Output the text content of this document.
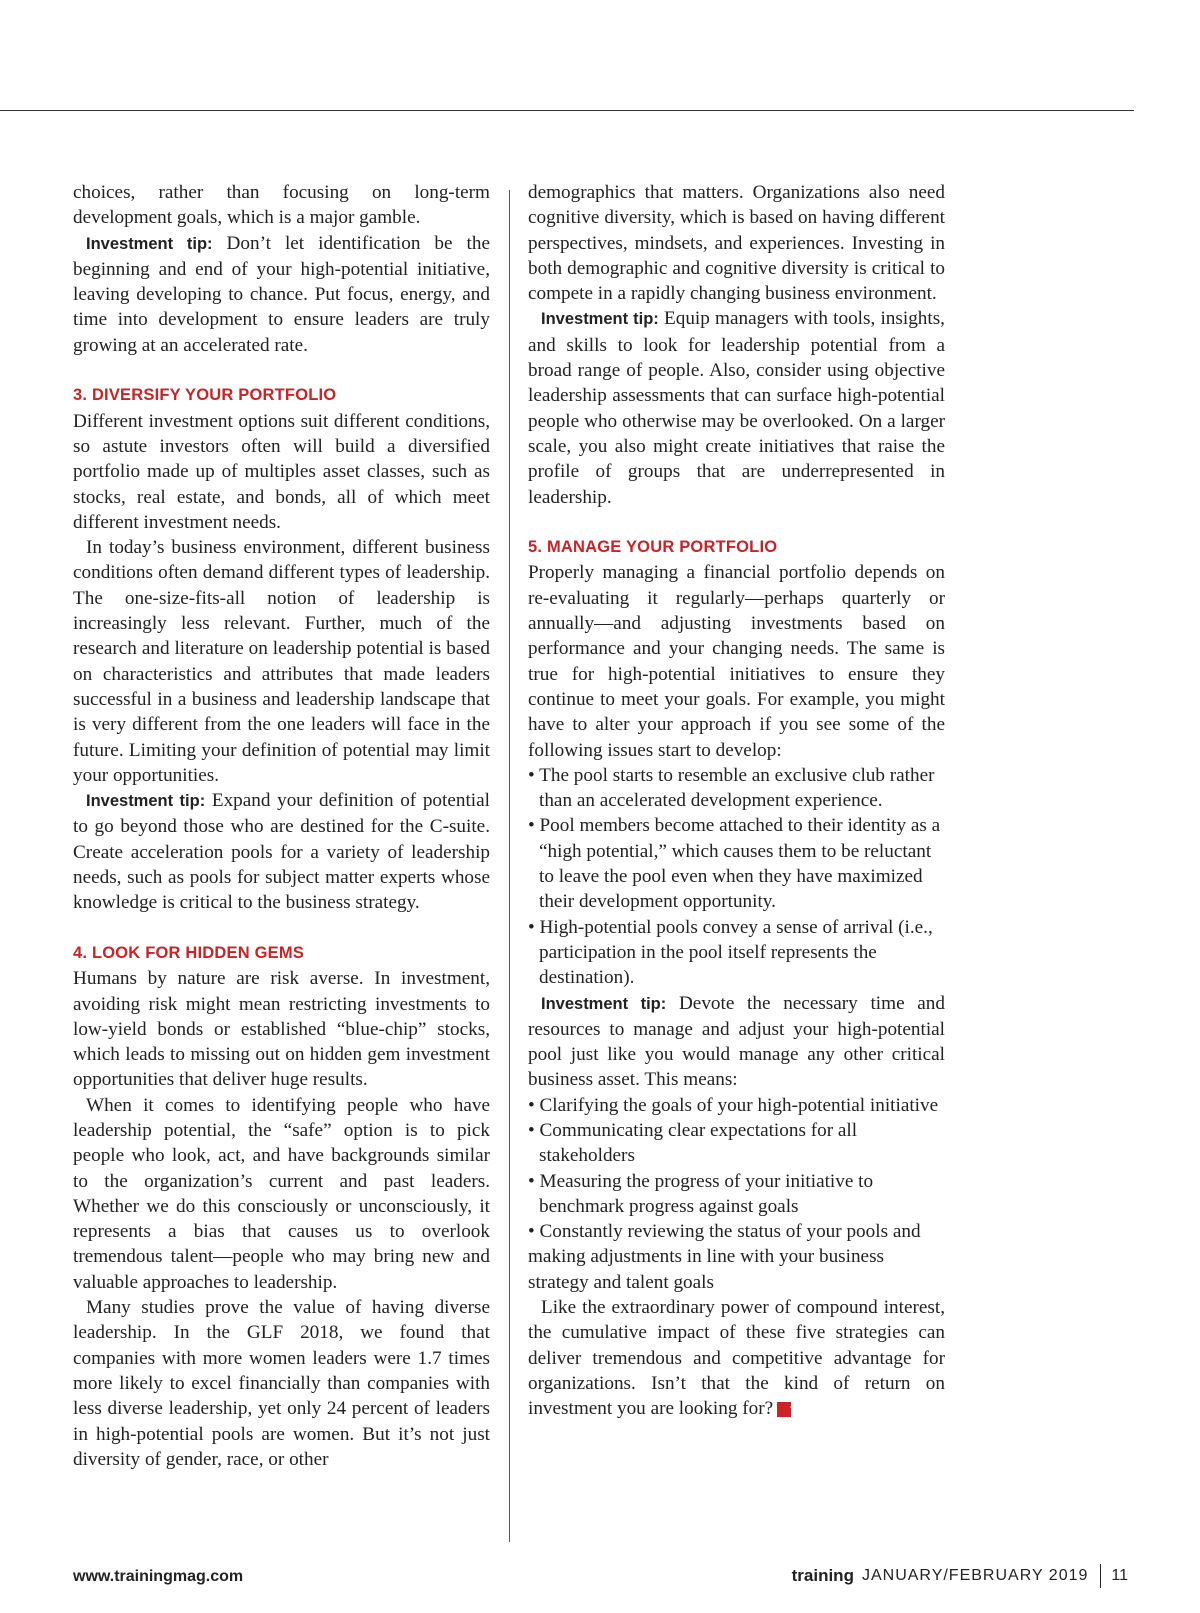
choices, rather than focusing on long-term development goals, which is a major gamble.

Investment tip: Don’t let identification be the beginning and end of your high-potential initiative, leaving developing to chance. Put focus, energy, and time into development to ensure leaders are truly growing at an accelerated rate.

3. DIVERSIFY YOUR PORTFOLIO

Different investment options suit different conditions, so astute investors often will build a diversified portfolio made up of multiples asset classes, such as stocks, real estate, and bonds, all of which meet different investment needs.

In today’s business environment, different business conditions often demand different types of leadership. The one-size-fits-all notion of leadership is increasingly less relevant. Further, much of the research and literature on leadership potential is based on characteristics and attributes that made leaders successful in a business and leadership landscape that is very different from the one leaders will face in the future. Limiting your definition of potential may limit your opportunities.

Investment tip: Expand your definition of potential to go beyond those who are destined for the C-suite. Create acceleration pools for a variety of leadership needs, such as pools for subject matter experts whose knowledge is critical to the business strategy.

4. LOOK FOR HIDDEN GEMS

Humans by nature are risk averse. In investment, avoiding risk might mean restricting investments to low-yield bonds or established “blue-chip” stocks, which leads to missing out on hidden gem investment opportunities that deliver huge results.

When it comes to identifying people who have leadership potential, the “safe” option is to pick people who look, act, and have backgrounds similar to the organization’s current and past leaders. Whether we do this consciously or unconsciously, it represents a bias that causes us to overlook tremendous talent—people who may bring new and valuable approaches to leadership.

Many studies prove the value of having diverse leadership. In the GLF 2018, we found that companies with more women leaders were 1.7 times more likely to excel financially than companies with less diverse leadership, yet only 24 percent of leaders in high-potential pools are women. But it’s not just diversity of gender, race, or other

demographics that matters. Organizations also need cognitive diversity, which is based on having different perspectives, mindsets, and experiences. Investing in both demographic and cognitive diversity is critical to compete in a rapidly changing business environment.

Investment tip: Equip managers with tools, insights, and skills to look for leadership potential from a broad range of people. Also, consider using objective leadership assessments that can surface high-potential people who otherwise may be overlooked. On a larger scale, you also might create initiatives that raise the profile of groups that are underrepresented in leadership.

5. MANAGE YOUR PORTFOLIO

Properly managing a financial portfolio depends on re-evaluating it regularly—perhaps quarterly or annually—and adjusting investments based on performance and your changing needs. The same is true for high-potential initiatives to ensure they continue to meet your goals. For example, you might have to alter your approach if you see some of the following issues start to develop:

• The pool starts to resemble an exclusive club rather than an accelerated development experience.
• Pool members become attached to their identity as a “high potential,” which causes them to be reluctant to leave the pool even when they have maximized their development opportunity.
• High-potential pools convey a sense of arrival (i.e., participation in the pool itself represents the destination).

Investment tip: Devote the necessary time and resources to manage and adjust your high-potential pool just like you would manage any other critical business asset. This means:

• Clarifying the goals of your high-potential initiative
• Communicating clear expectations for all stakeholders
• Measuring the progress of your initiative to benchmark progress against goals
• Constantly reviewing the status of your pools and making adjustments in line with your business strategy and talent goals

Like the extraordinary power of compound interest, the cumulative impact of these five strategies can deliver tremendous and competitive advantage for organizations. Isn’t that the kind of return on investment you are looking for? t

www.trainingmag.com	training JANUARY/FEBRUARY 2019 11
